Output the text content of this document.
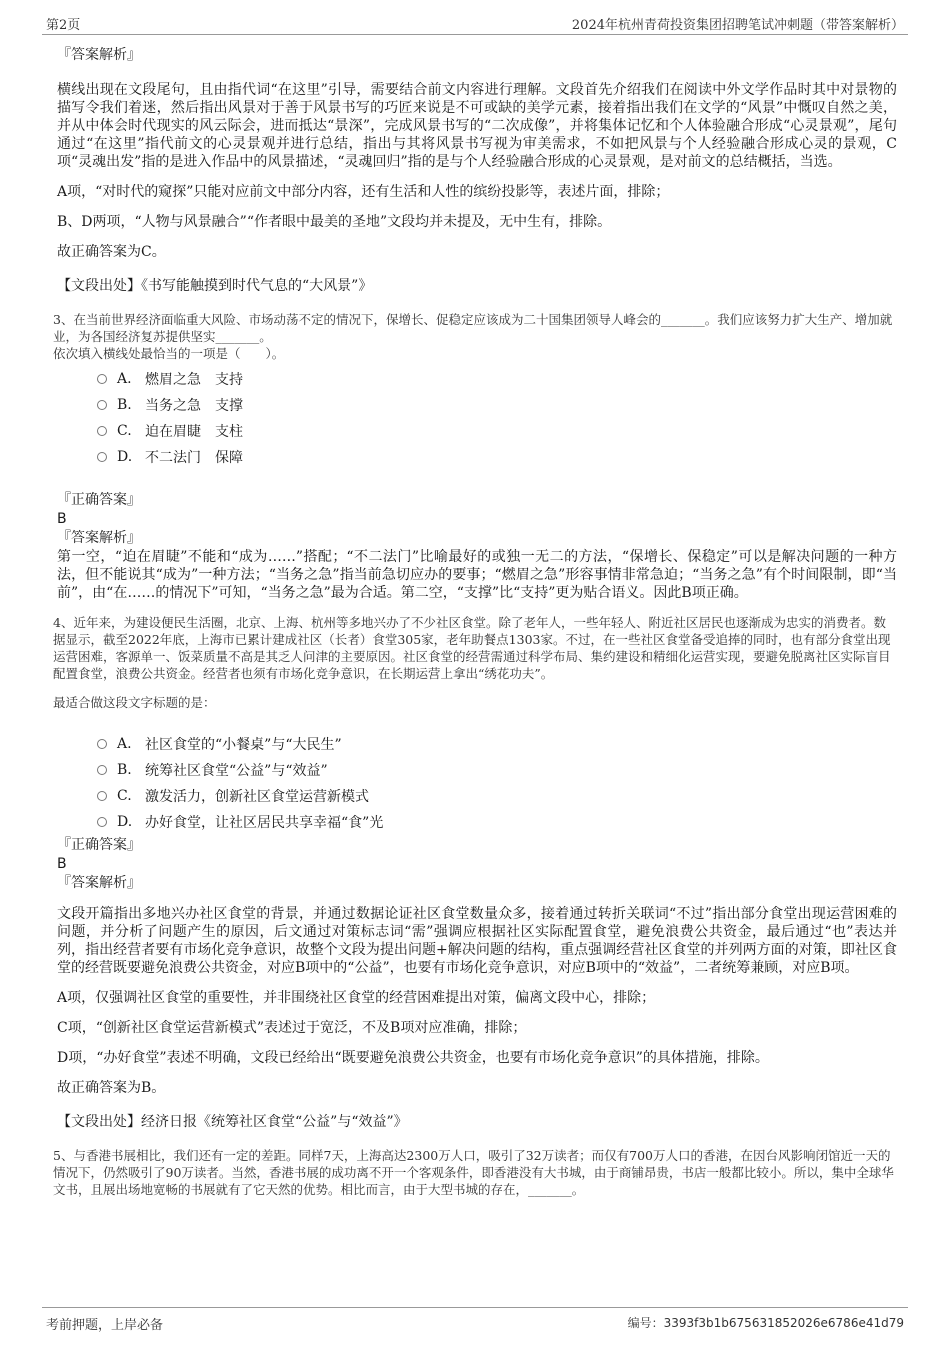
第2页	2024年杭州青荷投资集团招聘笔试冲刺题（带答案解析）
『答案解析』

横线出现在文段尾句，且由指代词“在这里”引导，需要结合前文内容进行理解。文段首先介绍我们在阅读中外文学作品时其中对景物的描写令我们着迷，然后指出风景对于善于风景书写的巧匠来说是不可或缺的美学元素，接着指出我们在文学的“风景”中慨叹自然之美，并从中体会时代现实的风云际会，进而抵达“景深”，完成风景书写的“二次成像”，并将集体记忆和个人体验融合形成“心灵景观”，尾句通过“在这里”指代前文的心灵景观并进行总结，指出与其将风景书写视为审美需求，不如把风景与个人经验融合形成心灵的景观，C项“灵魂出发”指的是进入作品中的风景描述，“灵魂回归”指的是与个人经验融合形成的心灵景观，是对前文的总结概括，当选。

A项，“对时代的窥探”只能对应前文中部分内容，还有生活和人性的缤纷投影等，表述片面，排除；

B、D两项，“人物与风景融合”“作者眼中最美的圣地”文段均并未提及，无中生有，排除。

故正确答案为C。

【文段出处】《书写能触摸到时代气息的“大风景”》

3、在当前世界经济面临重大风险、市场动荡不定的情况下，保增长、促稳定应该成为二十国集团领导人峰会的_______。我们应该努力扩大生产、增加就业，为各国经济复苏提供坚实_______。

依次填入横线处最恰当的一项是（　　）。

A. 燃眉之急　支持
B. 当务之急　支撑
C. 迫在眉睫　支柱
D. 不二法门　保障
『正确答案』
B
『答案解析』

第一空，“迫在眉睫”不能和“成为……”搭配；“不二法门”比喻最好的或独一无二的方法，“保增长、保稳定”可以是解决问题的一种方法，但不能说其“成为”一种方法；“当务之急”指当前急切应办的要事；“燃眉之急”形容事情非常急迫；“当务之急”有个时间限制，即“当前”，由“在……的情况下”可知，“当务之急”最为合适。第二空，“支撑”比“支持”更为贴合语义。因此B项正确。

4、近年来，为建设便民生活圈，北京、上海、杭州等多地兴办了不少社区食堂。除了老年人，一些年轻人、附近社区居民也逐渐成为忠实的消费者。数据显示，截至2022年底，上海市已累计建成社区（长者）食堂305家，老年助餐点1303家。不过，在一些社区食堂备受追捧的同时，也有部分食堂出现运营困难，客源单一、饭菜质量不高是其乏人问津的主要原因。社区食堂的经营需通过科学布局、集约建设和精细化运营实现，要避免脱离社区实际盲目配置食堂，浪费公共资金。经营者也须有市场化竞争意识，在长期运营上拿出“绣花功夫”。

最适合做这段文字标题的是：

A. 社区食堂的“小餐桌”与“大民生”
B. 统筹社区食堂“公益”与“效益”
C. 激发活力，创新社区食堂运营新模式
D. 办好食堂，让社区居民共享幸福“食”光
『正确答案』
B
『答案解析』

文段开篇指出多地兴办社区食堂的背景，并通过数据论证社区食堂数量众多，接着通过转折关联词“不过”指出部分食堂出现运营困难的问题，并分析了问题产生的原因，后文通过对策标志词“需”强调应根据社区实际配置食堂，避免浪费公共资金，最后通过“也”表达并列，指出经营者要有市场化竞争意识，故整个文段为提出问题+解决问题的结构，重点强调经营社区食堂的并列两方面的对策，即社区食堂的经营既要避免浪费公共资金，对应B项中的“公益”，也要有市场化竞争意识，对应B项中的“效益”，二者统筹兼顾，对应B项。

A项，仅强调社区食堂的重要性，并非围绕社区食堂的经营困难提出对策，偏离文段中心，排除；

C项，“创新社区食堂运营新模式”表述过于宽泛，不及B项对应准确，排除；

D项，“办好食堂”表述不明确，文段已经给出“既要避免浪费公共资金，也要有市场化竞争意识”的具体措施，排除。

故正确答案为B。

【文段出处】经济日报《统筹社区食堂“公益”与“效益”》

5、与香港书展相比，我们还有一定的差距。同样7天，上海高达2300万人口，吸引了32万读者；而仅有700万人口的香港，在因台风影响闭馆近一天的情况下，仍然吸引了90万读者。当然，香港书展的成功离不开一个客观条件，即香港没有大书城，由于商铺昂贵，书店一般都比较小。所以，集中全球华文书，且展出场地宽畅的书展就有了它天然的优势。相比而言，由于大型书城的存在，_______。

考前押题，上岸必备	编号：3393f3b1b675631852026e6786e41d79
